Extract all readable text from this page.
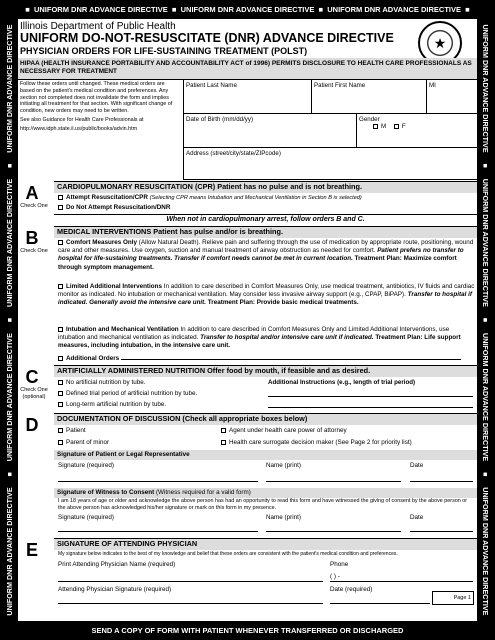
■ UNIFORM DNR ADVANCE DIRECTIVE ■ UNIFORM DNR ADVANCE DIRECTIVE ■ UNIFORM DNR ADVANCE DIRECTIVE ■
UNIFORM DNR ADVANCE DIRECTIVE
■
UNIFORM DNR ADVANCE DIRECTIVE
■
UNIFORM DNR ADVANCE DIRECTIVE
■
UNIFORM DNR ADVANCE DIRECTIVE	UNIFORM DNR ADVANCE DIRECTIVE
■
UNIFORM DNR ADVANCE DIRECTIVE
■
UNIFORM DNR ADVANCE DIRECTIVE
■
UNIFORM DNR ADVANCE DIRECTIVE
SEND A COPY OF FORM WITH PATIENT WHENEVER TRANSFERRED OR DISCHARGED
Illinois Department of Public Health
UNIFORM DO-NOT-RESUSCITATE (DNR) ADVANCE DIRECTIVE
PHYSICIAN ORDERS FOR LIFE-SUSTAINING TREATMENT (POLST)
★
HIPAA (HEALTH INSURANCE PORTABILITY AND ACCOUNTABILITY ACT of 1996) PERMITS DISCLOSURE TO HEALTH CARE PROFESSIONALS AS NECESSARY FOR TREATMENT
Follow these orders until changed. These medical orders are based on the patient's medical condition and preferences. Any section not completed does not invalidate the form and implies initiating all treatment for that section. With significant change of condition, new orders may need to be written.
See also Guidance for Health Care Professionals at
http://www.idph.state.il.us/public/books/advin.htm
Patient Last Name	Patient First Name	MI
Date of Birth (mm/dd/yy)	Gender
M	F
Address (street/city/state/ZIPcode)
A
Check One
CARDIOPULMONARY RESUSCITATION (CPR) Patient has no pulse and is not breathing.
Attempt Resuscitation/CPR (Selecting CPR means Intubation and Mechanical Ventilation in Section B is selected)
Do Not Attempt Resuscitation/DNR
When not in cardiopulmonary arrest, follow orders B and C.
B
Check One
MEDICAL INTERVENTIONS Patient has pulse and/or is breathing.
Comfort Measures Only (Allow Natural Death). Relieve pain and suffering through the use of medication by appropriate route, positioning, wound care and other measures. Use oxygen, suction and manual treatment of airway obstruction as needed for comfort. Patient prefers no transfer to hospital for life-sustaining treatments. Transfer if comfort needs cannot be met in current location. Treatment Plan: Maximize comfort through symptom management.
Limited Additional Interventions In addition to care described in Comfort Measures Only, use medical treatment, antibiotics, IV fluids and cardiac monitor as indicated. No intubation or mechanical ventilation. May consider less invasive airway support (e.g., CPAP, BiPAP). Transfer to hospital if indicated. Generally avoid the intensive care unit. Treatment Plan: Provide basic medical treatments.
Intubation and Mechanical Ventilation In addition to care described in Comfort Measures Only and Limited Additional Interventions, use intubation and mechanical ventilation as indicated. Transfer to hospital and/or intensive care unit if indicated. Treatment Plan: Life support measures, including intubation, in the intensive care unit.
Additional Orders
C
Check One (optional)
ARTIFICIALLY ADMINISTERED NUTRITION Offer food by mouth, if feasible and as desired.
No artificial nutrition by tube.
Defined trial period of artificial nutrition by tube.
Long-term artificial nutrition by tube.
Additional Instructions (e.g., length of trial period)
D	DOCUMENTATION OF DISCUSSION (Check all appropriate boxes below)
Patient
Parent of minor
Agent under health care power of attorney
Health care surrogate decision maker (See Page 2 for priority list)
Signature of Patient or Legal Representative
Signature (required)	Name (print)	Date
Signature of Witness to Consent (Witness required for a valid form)
I am 18 years of age or older and acknowledge the above person has had an opportunity to read this form and have witnessed the giving of consent by the above person or the above person has acknowledged his/her signature or mark on this form in my presence.
Signature (required)	Name (print)	Date
E	SIGNATURE OF ATTENDING PHYSICIAN
My signature below indicates to the best of my knowledge and belief that these orders are consistent with the patient's medical condition and preferences.
Print Attending Physician Name (required)	Phone
( ) -
Attending Physician Signature (required)	Date (required)
Page 1
